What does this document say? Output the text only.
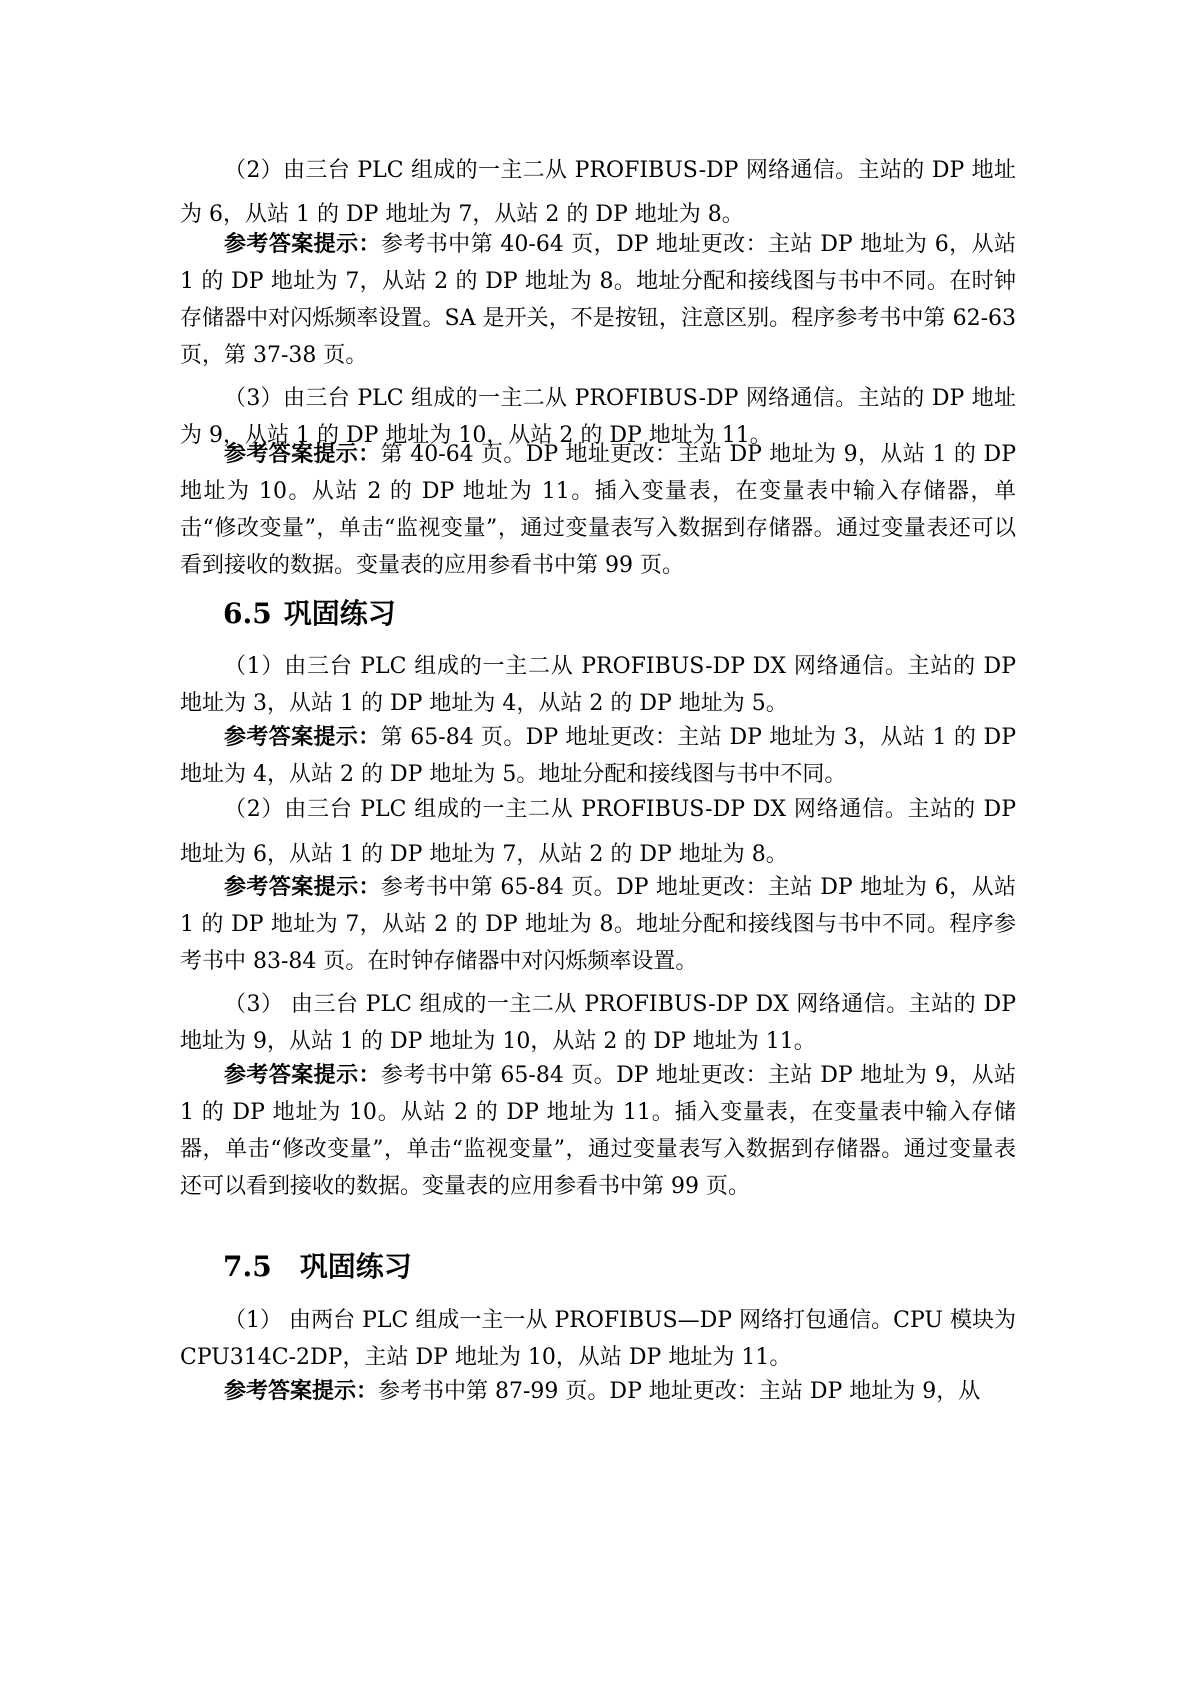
（2）由三台 PLC 组成的一主二从 PROFIBUS-DP 网络通信。主站的 DP 地址为 6，从站 1 的 DP 地址为 7，从站 2 的 DP 地址为 8。

参考答案提示：参考书中第 40-64 页，DP 地址更改：主站 DP 地址为 6，从站 1 的 DP 地址为 7，从站 2 的 DP 地址为 8。地址分配和接线图与书中不同。在时钟存储器中对闪烁频率设置。SA 是开关，不是按钮，注意区别。程序参考书中第 62-63 页，第 37-38 页。

（3）由三台 PLC 组成的一主二从 PROFIBUS-DP 网络通信。主站的 DP 地址为 9，从站 1 的 DP 地址为 10，从站 2 的 DP 地址为 11。

参考答案提示：第 40-64 页。DP 地址更改：主站 DP 地址为 9，从站 1 的 DP 地址为 10。从站 2 的 DP 地址为 11。插入变量表，在变量表中输入存储器，单击“修改变量”，单击“监视变量”，通过变量表写入数据到存储器。通过变量表还可以看到接收的数据。变量表的应用参看书中第 99 页。

6.5 巩固练习

（1）由三台 PLC 组成的一主二从 PROFIBUS-DP DX 网络通信。主站的 DP 地址为 3，从站 1 的 DP 地址为 4，从站 2 的 DP 地址为 5。

参考答案提示：第 65-84 页。DP 地址更改：主站 DP 地址为 3，从站 1 的 DP 地址为 4，从站 2 的 DP 地址为 5。地址分配和接线图与书中不同。

（2）由三台 PLC 组成的一主二从 PROFIBUS-DP DX 网络通信。主站的 DP 地址为 6，从站 1 的 DP 地址为 7，从站 2 的 DP 地址为 8。

参考答案提示：参考书中第 65-84 页。DP 地址更改：主站 DP 地址为 6，从站 1 的 DP 地址为 7，从站 2 的 DP 地址为 8。地址分配和接线图与书中不同。程序参考书中 83-84 页。在时钟存储器中对闪烁频率设置。

（3） 由三台 PLC 组成的一主二从 PROFIBUS-DP DX 网络通信。主站的 DP 地址为 9，从站 1 的 DP 地址为 10，从站 2 的 DP 地址为 11。

参考答案提示：参考书中第 65-84 页。DP 地址更改：主站 DP 地址为 9，从站 1 的 DP 地址为 10。从站 2 的 DP 地址为 11。插入变量表，在变量表中输入存储器，单击“修改变量”，单击“监视变量”，通过变量表写入数据到存储器。通过变量表还可以看到接收的数据。变量表的应用参看书中第 99 页。

7.5 巩固练习

（1） 由两台 PLC 组成一主一从 PROFIBUS—DP 网络打包通信。CPU 模块为 CPU314C-2DP，主站 DP 地址为 10，从站 DP 地址为 11。

参考答案提示：参考书中第 87-99 页。DP 地址更改：主站 DP 地址为 9，从
